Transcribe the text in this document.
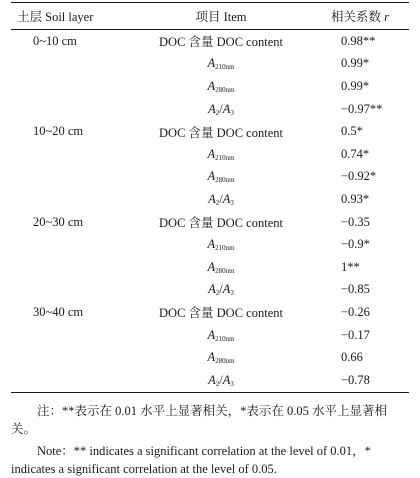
土层 Soil layer	项目 Item	相关系数 r
0~10 cm	DOC 含量 DOC content	0.98**
	$A_{210nm}$	0.99*
	$A_{280nm}$	0.99*
	$A_2/A_3$	−0.97**
10~20 cm	DOC 含量 DOC content	0.5*
	$A_{210nm}$	0.74*
	$A_{280nm}$	−0.92*
	$A_2/A_3$	0.93*
20~30 cm	DOC 含量 DOC content	−0.35
	$A_{210nm}$	−0.9*
	$A_{280nm}$	1**
	$A_2/A_3$	−0.85
30~40 cm	DOC 含量 DOC content	−0.26
	$A_{210nm}$	−0.17
	$A_{280nm}$	0.66
	$A_2/A_3$	−0.78
注：**表示在 0.01 水平上显著相关，*表示在 0.05 水平上显著相关。
Note：** indicates a significant correlation at the level of 0.01，* indicates a significant correlation at the level of 0.05.
